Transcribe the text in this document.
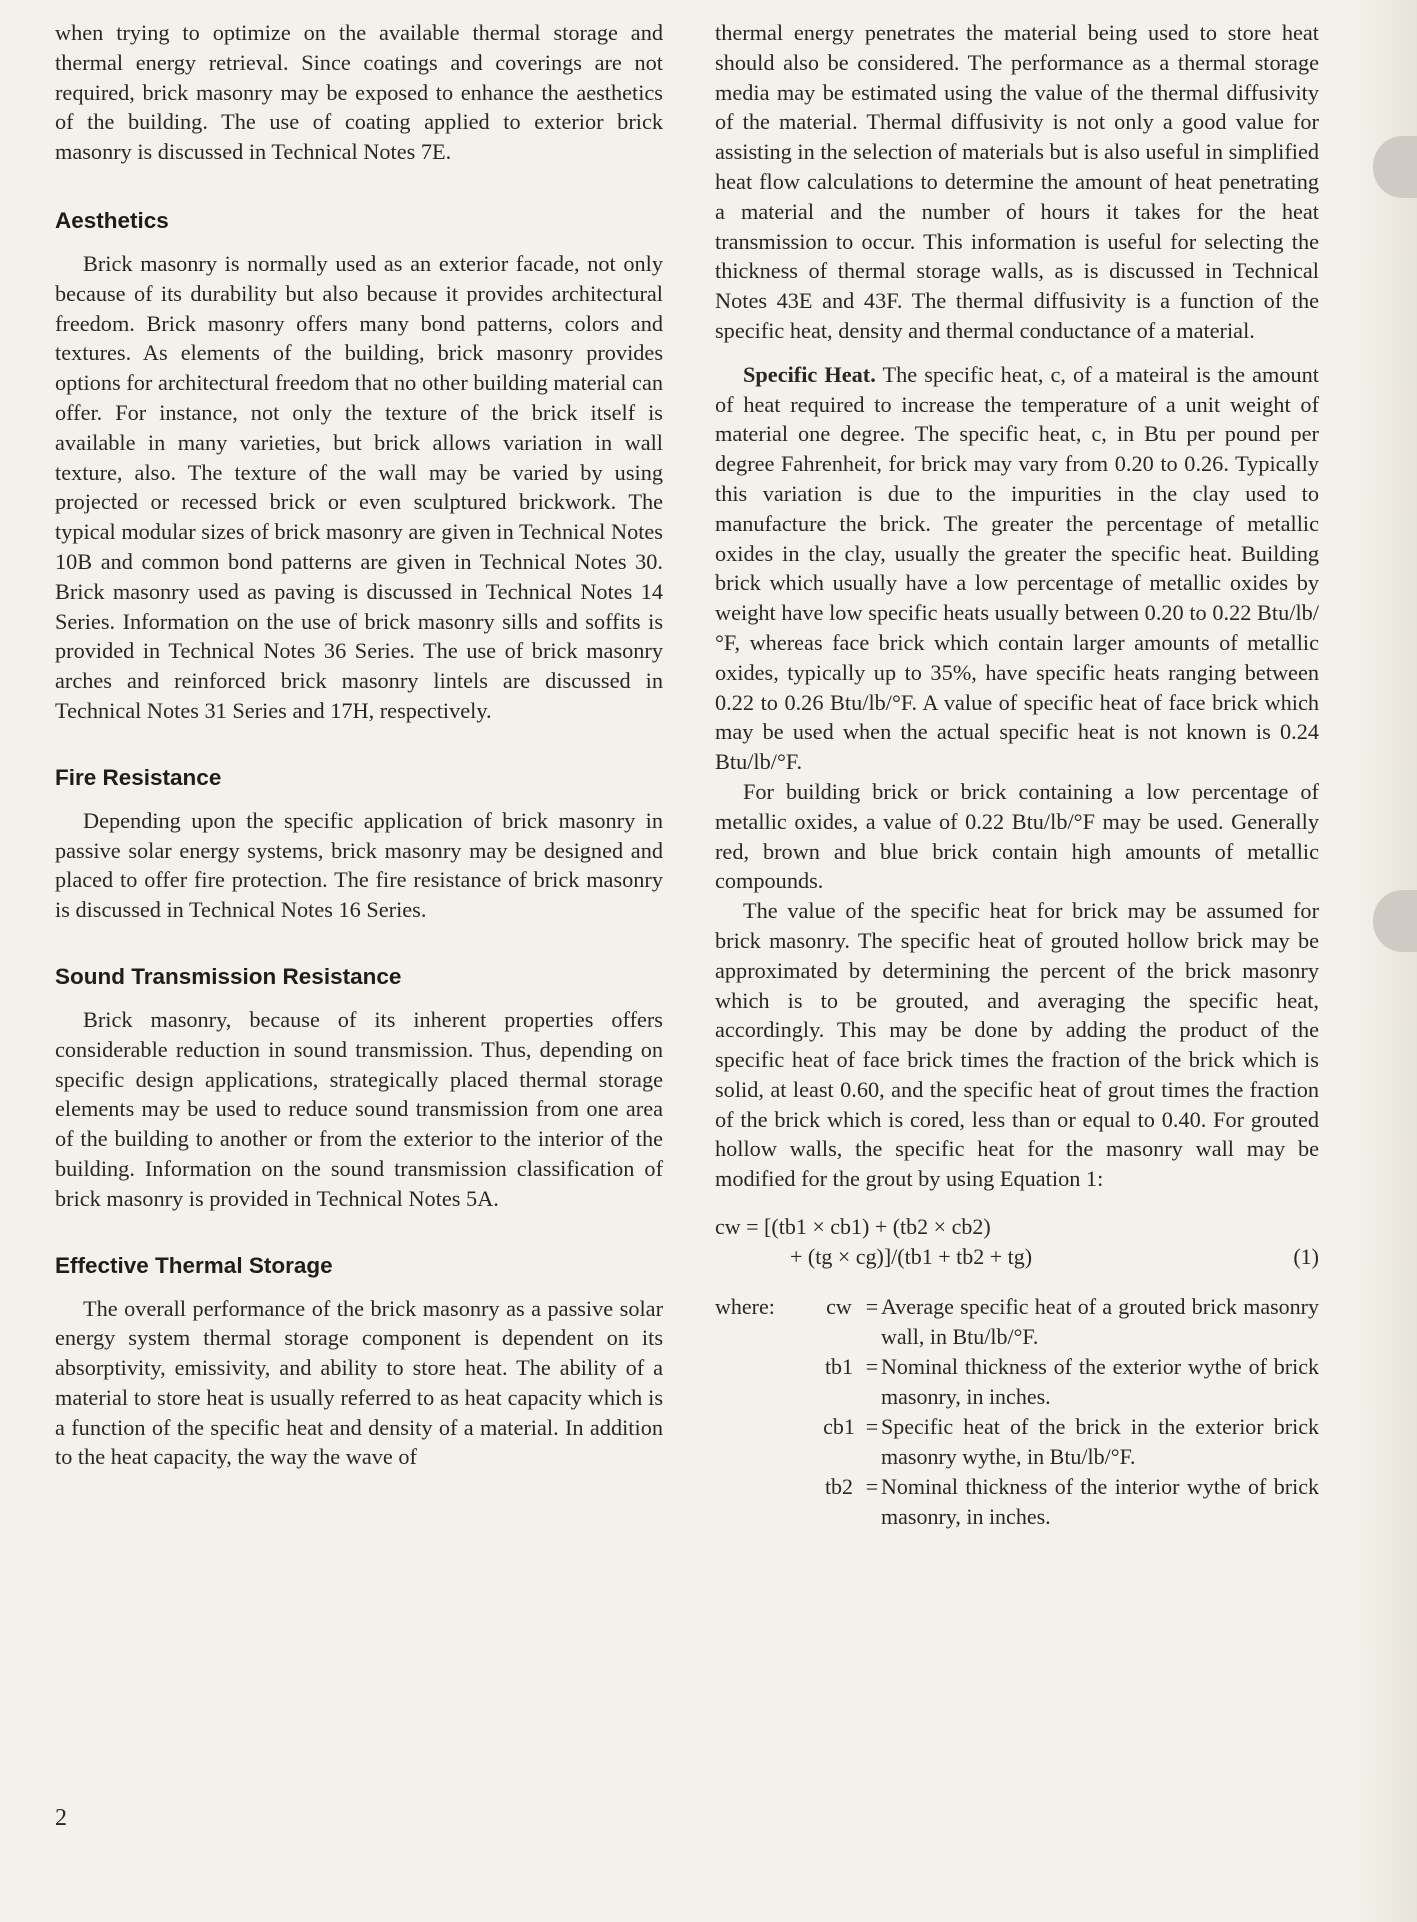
when trying to optimize on the available thermal storage and thermal energy retrieval. Since coatings and coverings are not required, brick masonry may be exposed to enhance the aesthetics of the building. The use of coating applied to exterior brick masonry is discussed in Technical Notes 7E.

Aesthetics

Brick masonry is normally used as an exterior facade, not only because of its durability but also because it provides architectural freedom. Brick masonry offers many bond patterns, colors and textures. As elements of the building, brick masonry provides options for architectural freedom that no other building material can offer. For instance, not only the texture of the brick itself is available in many varieties, but brick allows variation in wall texture, also. The texture of the wall may be varied by using projected or recessed brick or even sculptured brickwork. The typical modular sizes of brick masonry are given in Technical Notes 10B and common bond patterns are given in Technical Notes 30. Brick masonry used as paving is discussed in Technical Notes 14 Series. Information on the use of brick masonry sills and soffits is provided in Technical Notes 36 Series. The use of brick masonry arches and reinforced brick masonry lintels are discussed in Technical Notes 31 Series and 17H, respectively.

Fire Resistance

Depending upon the specific application of brick masonry in passive solar energy systems, brick masonry may be designed and placed to offer fire protection. The fire resistance of brick masonry is discussed in Technical Notes 16 Series.

Sound Transmission Resistance

Brick masonry, because of its inherent properties offers considerable reduction in sound transmission. Thus, depending on specific design applications, strategically placed thermal storage elements may be used to reduce sound transmission from one area of the building to another or from the exterior to the interior of the building. Information on the sound transmission classification of brick masonry is provided in Technical Notes 5A.

Effective Thermal Storage

The overall performance of the brick masonry as a passive solar energy system thermal storage component is dependent on its absorptivity, emissivity, and ability to store heat. The ability of a material to store heat is usually referred to as heat capacity which is a function of the specific heat and density of a material. In addition to the heat capacity, the way the wave of

thermal energy penetrates the material being used to store heat should also be considered. The performance as a thermal storage media may be estimated using the value of the thermal diffusivity of the material. Thermal diffusivity is not only a good value for assisting in the selection of materials but is also useful in simplified heat flow calculations to determine the amount of heat penetrating a material and the number of hours it takes for the heat transmission to occur. This information is useful for selecting the thickness of thermal storage walls, as is discussed in Technical Notes 43E and 43F. The thermal diffusivity is a function of the specific heat, density and thermal conductance of a material.

Specific Heat. The specific heat, c, of a mateiral is the amount of heat required to increase the temperature of a unit weight of material one degree. The specific heat, c, in Btu per pound per degree Fahrenheit, for brick may vary from 0.20 to 0.26. Typically this variation is due to the impurities in the clay used to manufacture the brick. The greater the percentage of metallic oxides in the clay, usually the greater the specific heat. Building brick which usually have a low percentage of metallic oxides by weight have low specific heats usually between 0.20 to 0.22 Btu/lb/°F, whereas face brick which contain larger amounts of metallic oxides, typically up to 35%, have specific heats ranging between 0.22 to 0.26 Btu/lb/°F. A value of specific heat of face brick which may be used when the actual specific heat is not known is 0.24 Btu/lb/°F.

For building brick or brick containing a low percentage of metallic oxides, a value of 0.22 Btu/lb/°F may be used. Generally red, brown and blue brick contain high amounts of metallic compounds.

The value of the specific heat for brick may be assumed for brick masonry. The specific heat of grouted hollow brick may be approximated by determining the percent of the brick masonry which is to be grouted, and averaging the specific heat, accordingly. This may be done by adding the product of the specific heat of face brick times the fraction of the brick which is solid, at least 0.60, and the specific heat of grout times the fraction of the brick which is cored, less than or equal to 0.40. For grouted hollow walls, the specific heat for the masonry wall may be modified for the grout by using Equation 1:

cw = [(tb1 × cb1) + (tb2 × cb2)
+ (tg × cg)]/(tb1 + tb2 + tg)	(1)
where:	cw = Average specific heat of a grouted brick masonry wall, in Btu/lb/°F.
tb1 = Nominal thickness of the exterior wythe of brick masonry, in inches.
cb1 = Specific heat of the brick in the exterior brick masonry wythe, in Btu/lb/°F.
tb2 = Nominal thickness of the interior wythe of brick masonry, in inches.
2
